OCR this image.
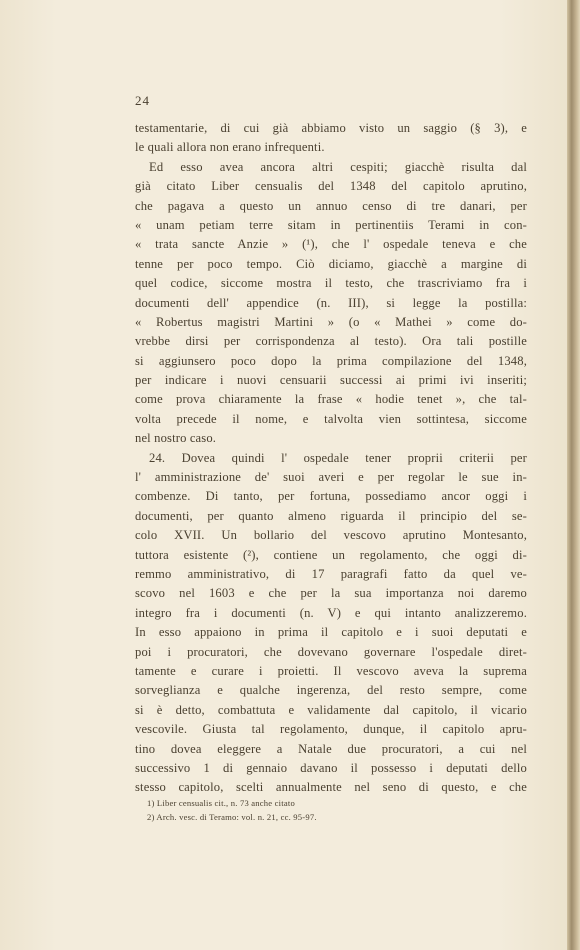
24
testamentarie, di cui già abbiamo visto un saggio (§ 3), e
le quali allora non erano infrequenti.
Ed esso avea ancora altri cespiti; giacchè risulta dal
già citato Liber censualis del 1348 del capitolo aprutino,
che pagava a questo un annuo censo di tre danari, per
« unam petiam terre sitam in pertinentiis Terami in con-
« trata sancte Anzie » (¹), che l' ospedale teneva e che
tenne per poco tempo. Ciò diciamo, giacchè a margine di
quel codice, siccome mostra il testo, che trascriviamo fra i
documenti dell' appendice (n. III), si legge la postilla:
« Robertus magistri Martini » (o « Mathei » come do-
vrebbe dirsi per corrispondenza al testo). Ora tali postille
si aggiunsero poco dopo la prima compilazione del 1348,
per indicare i nuovi censuarii successi ai primi ivi inseriti;
come prova chiaramente la frase « hodie tenet », che tal-
volta precede il nome, e talvolta vien sottintesa, siccome
nel nostro caso.
24. Dovea quindi l' ospedale tener proprii criterii per
l' amministrazione de' suoi averi e per regolar le sue in-
combenze. Di tanto, per fortuna, possediamo ancor oggi i
documenti, per quanto almeno riguarda il principio del se-
colo XVII. Un bollario del vescovo aprutino Montesanto,
tuttora esistente (²), contiene un regolamento, che oggi di-
remmo amministrativo, di 17 paragrafi fatto da quel ve-
scovo nel 1603 e che per la sua importanza noi daremo
integro fra i documenti (n. V) e qui intanto analizzeremo.
In esso appaiono in prima il capitolo e i suoi deputati e
poi i procuratori, che dovevano governare l'ospedale diret-
tamente e curare i proietti. Il vescovo aveva la suprema
sorveglianza e qualche ingerenza, del resto sempre, come
si è detto, combattuta e validamente dal capitolo, il vicario
vescovile. Giusta tal regolamento, dunque, il capitolo apru-
tino dovea eleggere a Natale due procuratori, a cui nel
successivo 1 di gennaio davano il possesso i deputati dello
stesso capitolo, scelti annualmente nel seno di questo, e che
1) Liber censualis cit., n. 73 anche citato
2) Arch. vesc. di Teramo: vol. n. 21, cc. 95-97.
